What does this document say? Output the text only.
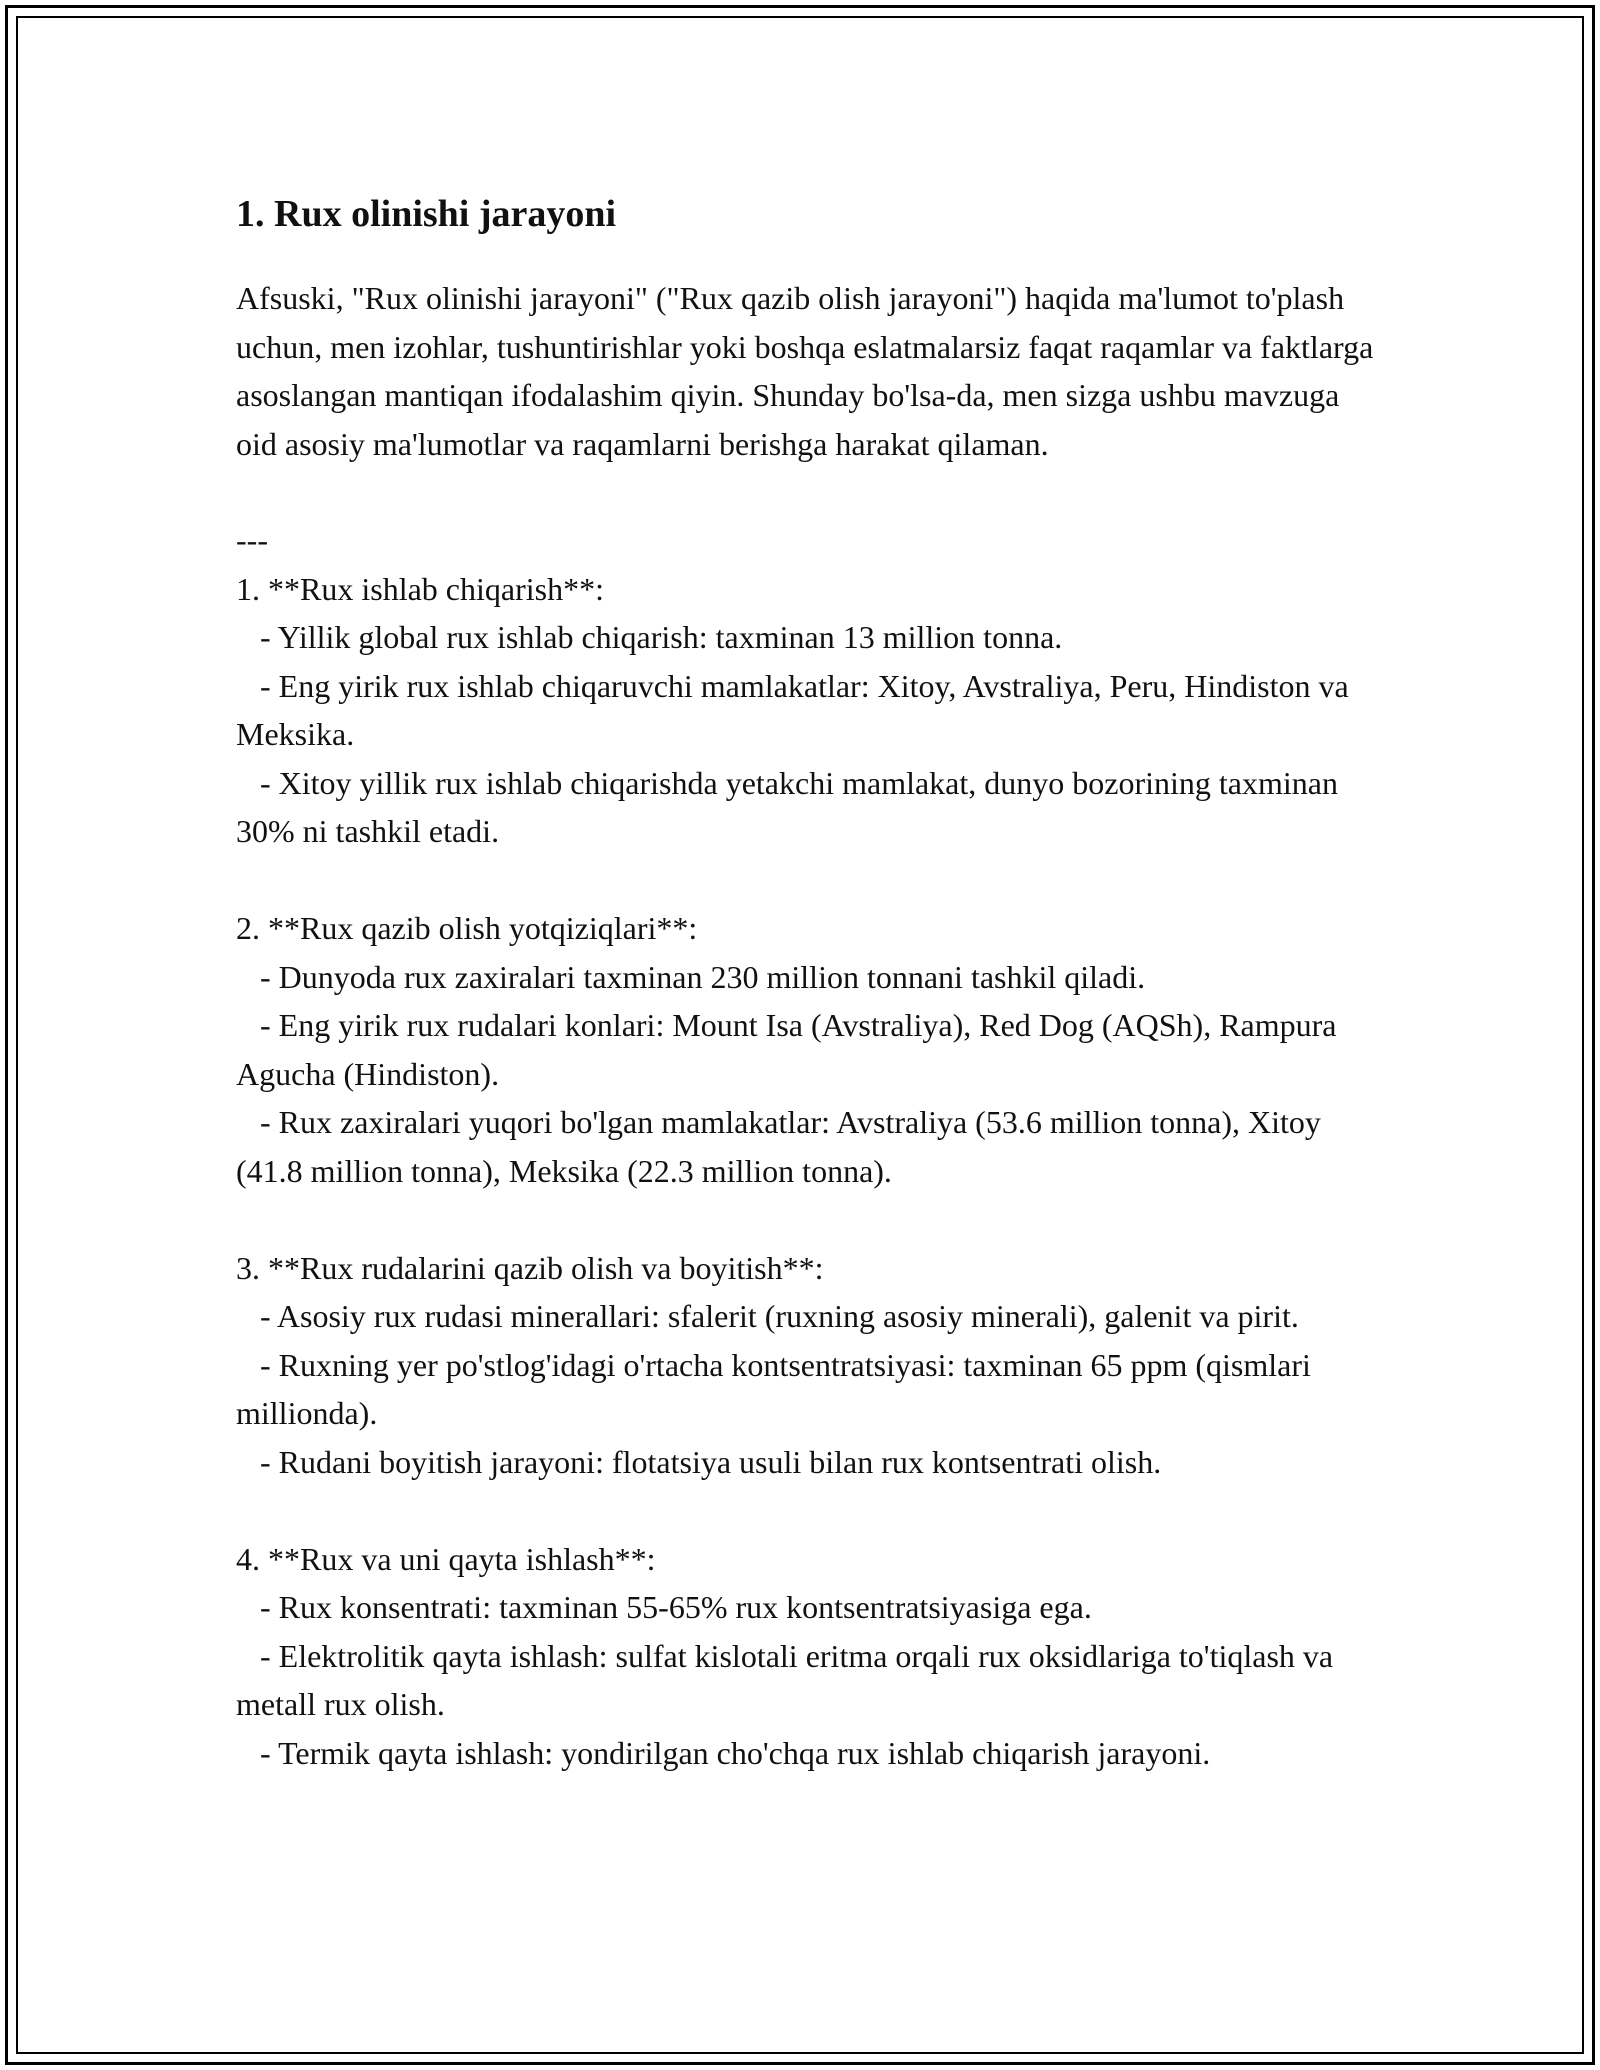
1. Rux olinishi jarayoni

Afsuski, "Rux olinishi jarayoni" ("Rux qazib olish jarayoni") haqida ma'lumot to'plash uchun, men izohlar, tushuntirishlar yoki boshqa eslatmalarsiz faqat raqamlar va faktlarga asoslangan mantiqan ifodalashim qiyin. Shunday bo'lsa-da, men sizga ushbu mavzuga oid asosiy ma'lumotlar va raqamlarni berishga harakat qilaman.

---

1. **Rux ishlab chiqarish**:

- Yillik global rux ishlab chiqarish: taxminan 13 million tonna.

- Eng yirik rux ishlab chiqaruvchi mamlakatlar: Xitoy, Avstraliya, Peru, Hindiston va Meksika.

- Xitoy yillik rux ishlab chiqarishda yetakchi mamlakat, dunyo bozorining taxminan 30% ni tashkil etadi.

2. **Rux qazib olish yotqiziqlari**:

- Dunyoda rux zaxiralari taxminan 230 million tonnani tashkil qiladi.

- Eng yirik rux rudalari konlari: Mount Isa (Avstraliya), Red Dog (AQSh), Rampura Agucha (Hindiston).

- Rux zaxiralari yuqori bo'lgan mamlakatlar: Avstraliya (53.6 million tonna), Xitoy (41.8 million tonna), Meksika (22.3 million tonna).

3. **Rux rudalarini qazib olish va boyitish**:

- Asosiy rux rudasi minerallari: sfalerit (ruxning asosiy minerali), galenit va pirit.

- Ruxning yer po'stlog'idagi o'rtacha kontsentratsiyasi: taxminan 65 ppm (qismlari millionda).

- Rudani boyitish jarayoni: flotatsiya usuli bilan rux kontsentrati olish.

4. **Rux va uni qayta ishlash**:

- Rux konsentrati: taxminan 55-65% rux kontsentratsiyasiga ega.

- Elektrolitik qayta ishlash: sulfat kislotali eritma orqali rux oksidlariga to'tiqlash va metall rux olish.

- Termik qayta ishlash: yondirilgan cho'chqa rux ishlab chiqarish jarayoni.
